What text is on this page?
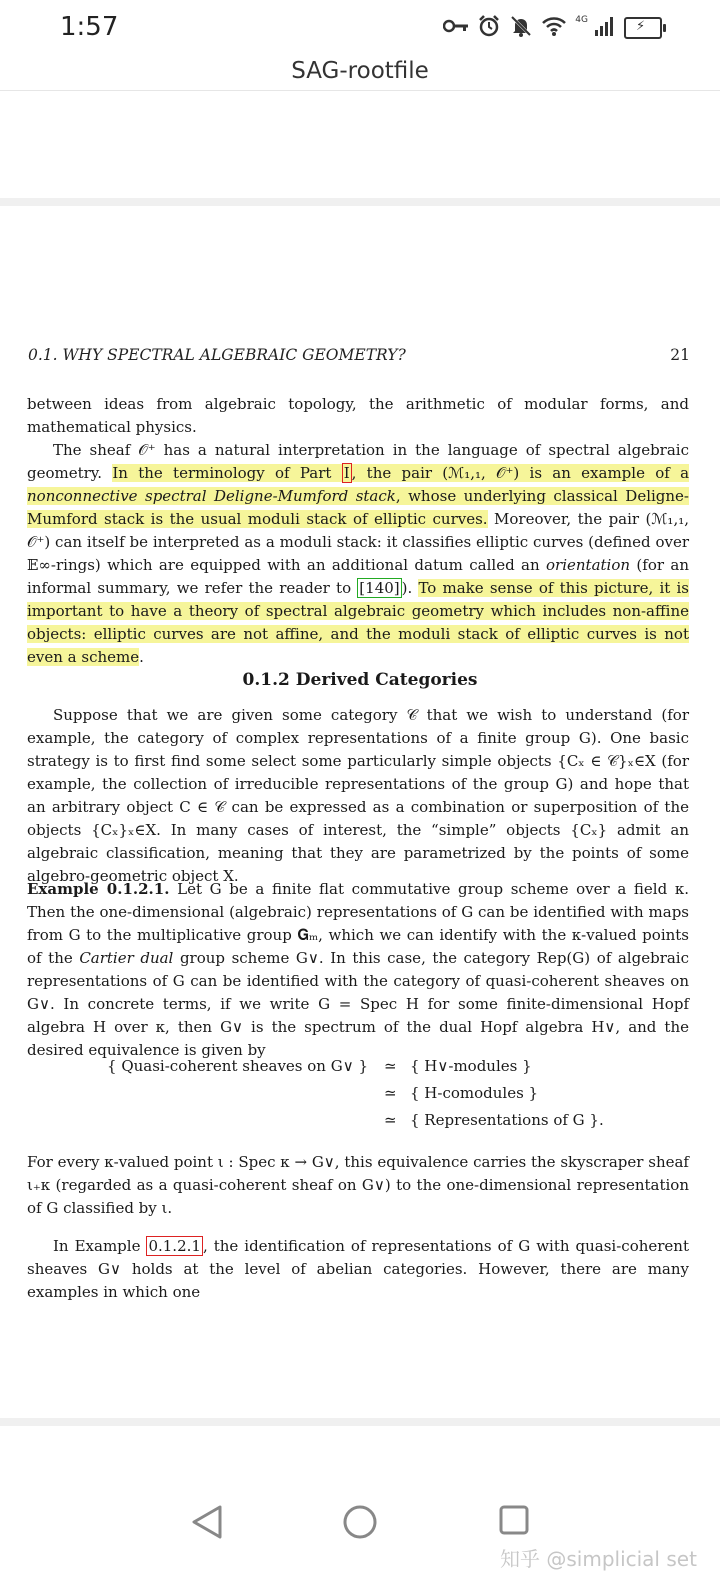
1:57	4G	⚡
SAG-rootfile
0.1. WHY SPECTRAL ALGEBRAIC GEOMETRY?	21

between ideas from algebraic topology, the arithmetic of modular forms, and mathematical physics.

The sheaf 𝒪⁺ has a natural interpretation in the language of spectral algebraic geometry. In the terminology of Part I , the pair (ℳ₁,₁, 𝒪⁺) is an example of a nonconnective spectral Deligne-Mumford stack, whose underlying classical Deligne-Mumford stack is the usual moduli stack of elliptic curves. Moreover, the pair (ℳ₁,₁, 𝒪⁺) can itself be interpreted as a moduli stack: it classifies elliptic curves (defined over 𝔼∞-rings) which are equipped with an additional datum called an orientation (for an informal summary, we refer the reader to [140] ). To make sense of this picture, it is important to have a theory of spectral algebraic geometry which includes non-affine objects: elliptic curves are not affine, and the moduli stack of elliptic curves is not even a scheme.

0.1.2 Derived Categories

Suppose that we are given some category 𝒞 that we wish to understand (for example, the category of complex representations of a finite group G). One basic strategy is to first find some select some particularly simple objects {Cₓ ∈ 𝒞}ₓ∈X (for example, the collection of irreducible representations of the group G) and hope that an arbitrary object C ∈ 𝒞 can be expressed as a combination or superposition of the objects {Cₓ}ₓ∈X. In many cases of interest, the “simple” objects {Cₓ} admit an algebraic classification, meaning that they are parametrized by the points of some algebro-geometric object X.

Example 0.1.2.1. Let G be a finite flat commutative group scheme over a field κ. Then the one-dimensional (algebraic) representations of G can be identified with maps from G to the multiplicative group 𝐆ₘ, which we can identify with the κ-valued points of the Cartier dual group scheme G∨. In this case, the category Rep(G) of algebraic representations of G can be identified with the category of quasi-coherent sheaves on G∨. In concrete terms, if we write G = Spec H for some finite-dimensional Hopf algebra H over κ, then G∨ is the spectrum of the dual Hopf algebra H∨, and the desired equivalence is given by

{ Quasi-coherent sheaves on G∨ } ≃ { H∨-modules }
≃ { H-comodules }
≃ { Representations of G }.

For every κ-valued point ι : Spec κ → G∨, this equivalence carries the skyscraper sheaf ι₊κ (regarded as a quasi-coherent sheaf on G∨) to the one-dimensional representation of G classified by ι.

In Example 0.1.2.1 , the identification of representations of G with quasi-coherent sheaves G∨ holds at the level of abelian categories. However, there are many examples in which one

知乎 @simplicial set
